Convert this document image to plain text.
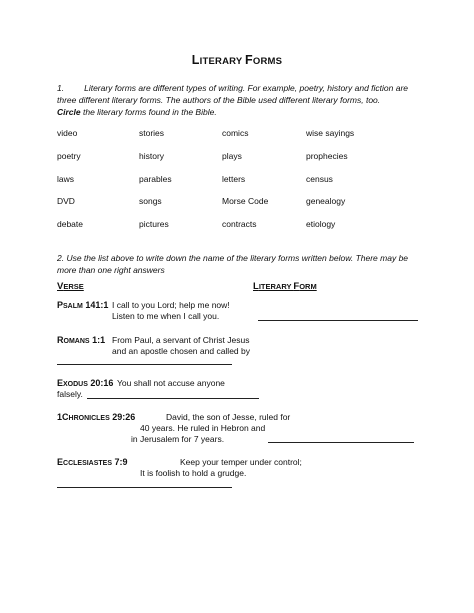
LITERARY FORMS
1. Literary forms are different types of writing. For example, poetry, history and fiction are
three different literary forms. The authors of the Bible used different literary forms, too.
Circle the literary forms found in the Bible.
video	stories	comics	wise sayings
poetry	history	plays	prophecies
laws	parables	letters	census
DVD	songs	Morse Code	genealogy
debate	pictures	contracts	etiology
2. Use the list above to write down the name of the literary forms written below. There may be
more than one right answers
VERSE	LITERARY FORM
PSALM 141:1 I call to you Lord; help me now!
Listen to me when I call you.
ROMANS 1:1 From Paul, a servant of Christ Jesus
and an apostle chosen and called by
EXODUS 20:16 You shall not accuse anyone
falsely.
1CHRONICLES 29:26	David, the son of Jesse, ruled for
40 years. He ruled in Hebron and
in Jerusalem for 7 years.
ECCLESIASTES 7:9	Keep your temper under control;
It is foolish to hold a grudge.
